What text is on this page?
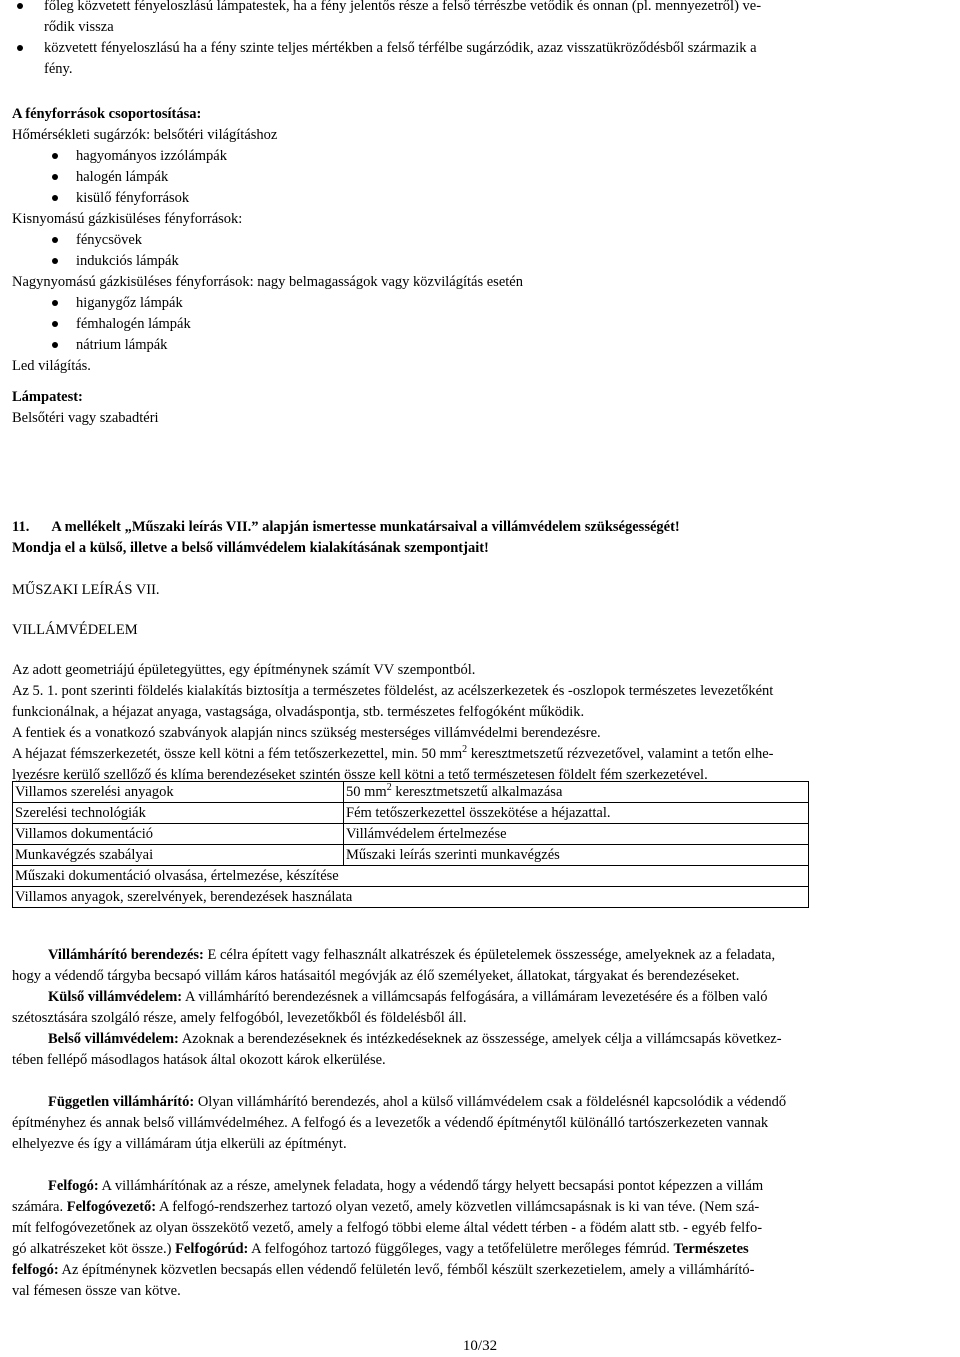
főleg közvetett fényeloszlású lámpatestek, ha a fény jelentős része a felső térrészbe vetődik és onnan (pl. mennyezetről) ve-
rődik vissza
közvetett fényeloszlású ha a fény szinte teljes mértékben a felső térfélbe sugárzódik, azaz visszatükröződésből származik a
fény.
A fényforrások csoportosítása:
Hőmérsékleti sugárzók: belsőtéri világításhoz
hagyományos izzólámpák
halogén lámpák
kisülő fényforrások
Kisnyomású gázkisüléses fényforrások:
fénycsövek
indukciós lámpák
Nagynyomású gázkisüléses fényforrások: nagy belmagasságok vagy közvilágítás esetén
higanygőz lámpák
fémhalogén lámpák
nátrium lámpák
Led világítás.
Lámpatest:
Belsőtéri vagy szabadtéri
11. A mellékelt „Műszaki leírás VII.” alapján ismertesse munkatársaival a villámvédelem szükségességét!
Mondja el a külső, illetve a belső villámvédelem kialakításának szempontjait!
MŰSZAKI LEÍRÁS VII.
VILLÁMVÉDELEM
Az adott geometriájú épületegyüttes, egy építménynek számít VV szempontból.
Az 5. 1. pont szerinti földelés kialakítás biztosítja a természetes földelést, az acélszerkezetek és -oszlopok természetes levezetőként
funkcionálnak, a héjazat anyaga, vastagsága, olvadáspontja, stb. természetes felfogóként működik.
A fentiek és a vonatkozó szabványok alapján nincs szükség mesterséges villámvédelmi berendezésre.
A héjazat fémszerkezetét, össze kell kötni a fém tetőszerkezettel, min. 50 $mm^2$ keresztmetszetű rézvezetővel, valamint a tetőn elhe-
lyezésre kerülő szellőző és klíma berendezéseket szintén össze kell kötni a tető természetesen földelt fém szerkezetével.
Villamos szerelési anyagok	50 $mm^2$ keresztmetszetű alkalmazása
Szerelési technológiák	Fém tetőszerkezettel összekötése a héjazattal.
Villamos dokumentáció	Villámvédelem értelmezése
Munkavégzés szabályai	Műszaki leírás szerinti munkavégzés
Műszaki dokumentáció olvasása, értelmezése, készítése	
Villamos anyagok, szerelvények, berendezések használata	
Villámhárító berendezés: E célra épített vagy felhasznált alkatrészek és épületelemek összessége, amelyeknek az a feladata,
hogy a védendő tárgyba becsapó villám káros hatásaitól megóvják az élő személyeket, állatokat, tárgyakat és berendezéseket.
Külső villámvédelem: A villámhárító berendezésnek a villámcsapás felfogására, a villámáram levezetésére és a fölben való
szétosztására szolgáló része, amely felfogóból, levezetőkből és földelésből áll.
Belső villámvédelem: Azoknak a berendezéseknek és intézkedéseknek az összessége, amelyek célja a villámcsapás következ-
tében fellépő másodlagos hatások által okozott károk elkerülése.
Független villámhárító: Olyan villámhárító berendezés, ahol a külső villámvédelem csak a földelésnél kapcsolódik a védendő
építményhez és annak belső villámvédelméhez. A felfogó és a levezetők a védendő építménytől különálló tartószerkezeten vannak
elhelyezve és így a villámáram útja elkerüli az építményt.
Felfogó: A villámhárítónak az a része, amelynek feladata, hogy a védendő tárgy helyett becsapási pontot képezzen a villám
számára. Felfogóvezető: A felfogó-rendszerhez tartozó olyan vezető, amely közvetlen villámcsapásnak is ki van téve. (Nem szá-
mít felfogóvezetőnek az olyan összekötő vezető, amely a felfogó többi eleme által védett térben - a födém alatt stb. - egyéb felfo-
gó alkatrészeket köt össze.) Felfogórúd: A felfogóhoz tartozó függőleges, vagy a tetőfelületre merőleges fémrúd. Természetes
felfogó: Az építménynek közvetlen becsapás ellen védendő felületén levő, fémből készült szerkezetielem, amely a villámhárító-
val fémesen össze van kötve.
10/32
